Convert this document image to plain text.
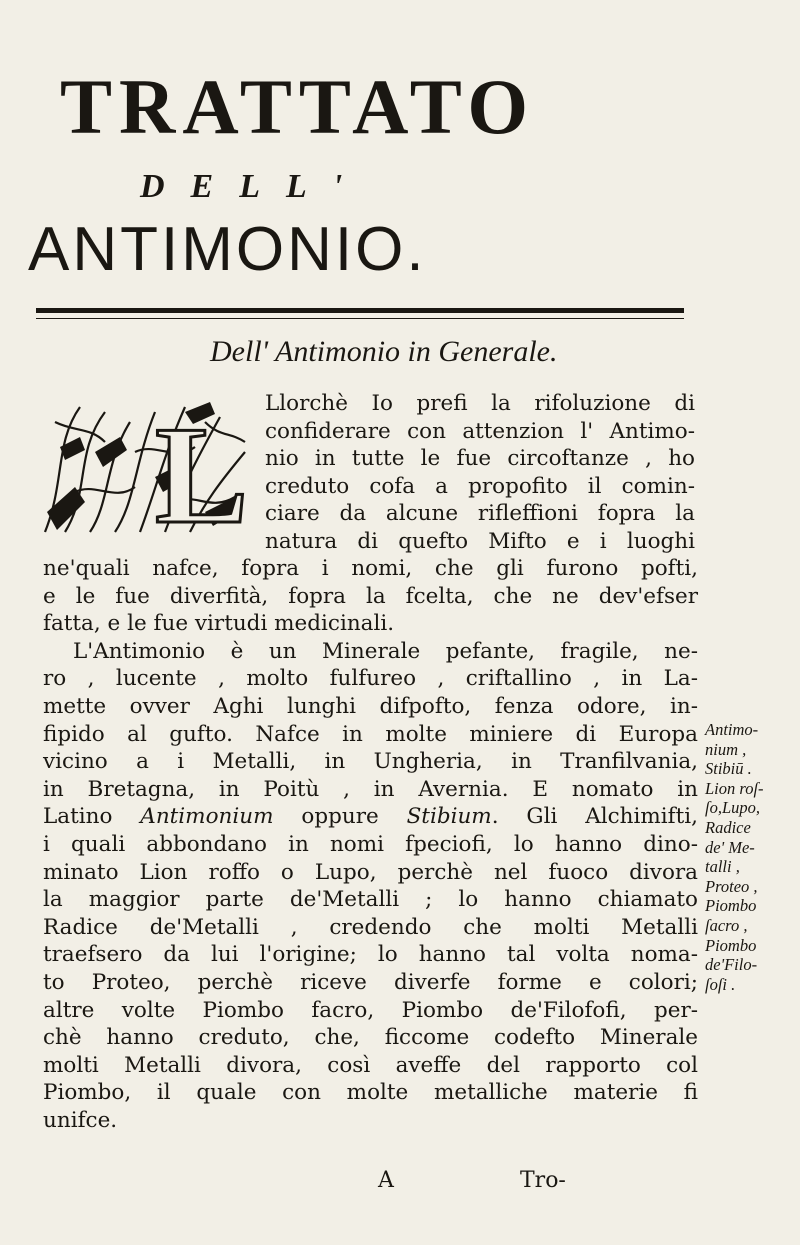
TRATTATO
DELL'
ANTIMONIO.
Dell' Antimonio in Generale.
L Llorchè Io prefi la rifoluzione di
confiderare con attenzion l' Antimo-
nio in tutte le fue circoftanze , ho
creduto cofa a propofito il comin-
ciare da alcune rifleffioni fopra la
natura di quefto Mifto e i luoghi
ne'quali nafce, fopra i nomi, che gli furono pofti,
e le fue diverfità, fopra la fcelta, che ne dev'efser
fatta, e le fue virtudi medicinali.
L'Antimonio è un Minerale pefante, fragile, ne-
ro , lucente , molto fulfureo , criftallino , in La-
mette ovver Aghi lunghi difpofto, fenza odore, in-
fipido al gufto. Nafce in molte miniere di Europa
vicino a i Metalli, in Ungheria, in Tranfilvania,
in Bretagna, in Poitù , in Avernia. E nomato in
Latino Antimonium oppure Stibium. Gli Alchimifti,
i quali abbondano in nomi fpeciofi, lo hanno dino-
minato Lion roffo o Lupo, perchè nel fuoco divora
la maggior parte de'Metalli ; lo hanno chiamato
Radice de'Metalli , credendo che molti Metalli
traefsero da lui l'origine; lo hanno tal volta noma-
to Proteo, perchè riceve diverfe forme e colori;
altre volte Piombo facro, Piombo de'Filofofi, per-
chè hanno creduto, che, ficcome codefto Minerale
molti Metalli divora, così aveffe del rapporto col
Piombo, il quale con molte metalliche materie fi
unifce.
Antimo-
nium ,
Stibiū .
Lion roſ-
ſo,Lupo,
Radice
de' Me-
talli ,
Proteo ,
Piombo
ſacro ,
Piombo
de'Filo-
ſoſi .
A	Tro-
